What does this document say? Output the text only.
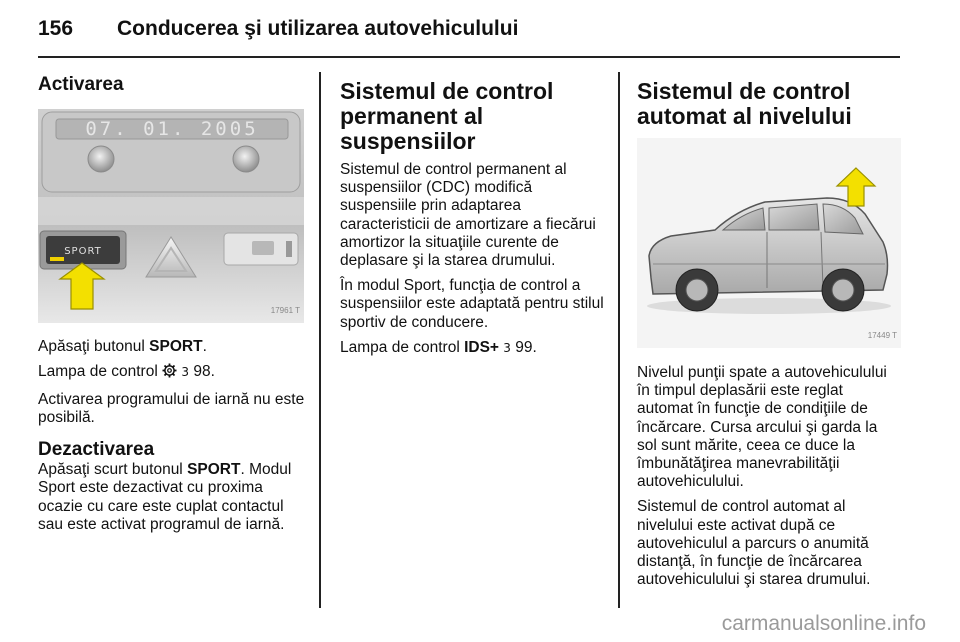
156 Conducerea şi utilizarea autovehiculului
Activarea
07. 01. 2005
SPORT
17961 T

Apăsaţi butonul SPORT.

Lampa de control  3 98.

Activarea programului de iarnă nu este posibilă.

Dezactivarea

Apăsaţi scurt butonul SPORT. Modul Sport este dezactivat cu proxima ocazie cu care este cuplat contactul sau este activat programul de iarnă.

Sistemul de control permanent al suspensiilor

Sistemul de control permanent al suspensiilor (CDC) modifică suspensiile prin adaptarea caracteristicii de amortizare a fiecărui amortizor la situaţiile curente de deplasare şi la starea drumului.

În modul Sport, funcţia de control a suspensiilor este adaptată pentru stilul sportiv de conducere.

Lampa de control IDS+ 3 99.

Sistemul de control automat al nivelului
17449 T

Nivelul punţii spate a autovehiculului în timpul deplasării este reglat automat în funcţie de condiţiile de încărcare. Cursa arcului şi garda la sol sunt mărite, ceea ce duce la îmbunătăţirea manevrabilităţii autovehiculului.

Sistemul de control automat al nivelului este activat după ce autovehiculul a parcurs o anumită distanţă, în funcţie de încărcarea autovehiculului şi starea drumului.

carmanualsonline.info
